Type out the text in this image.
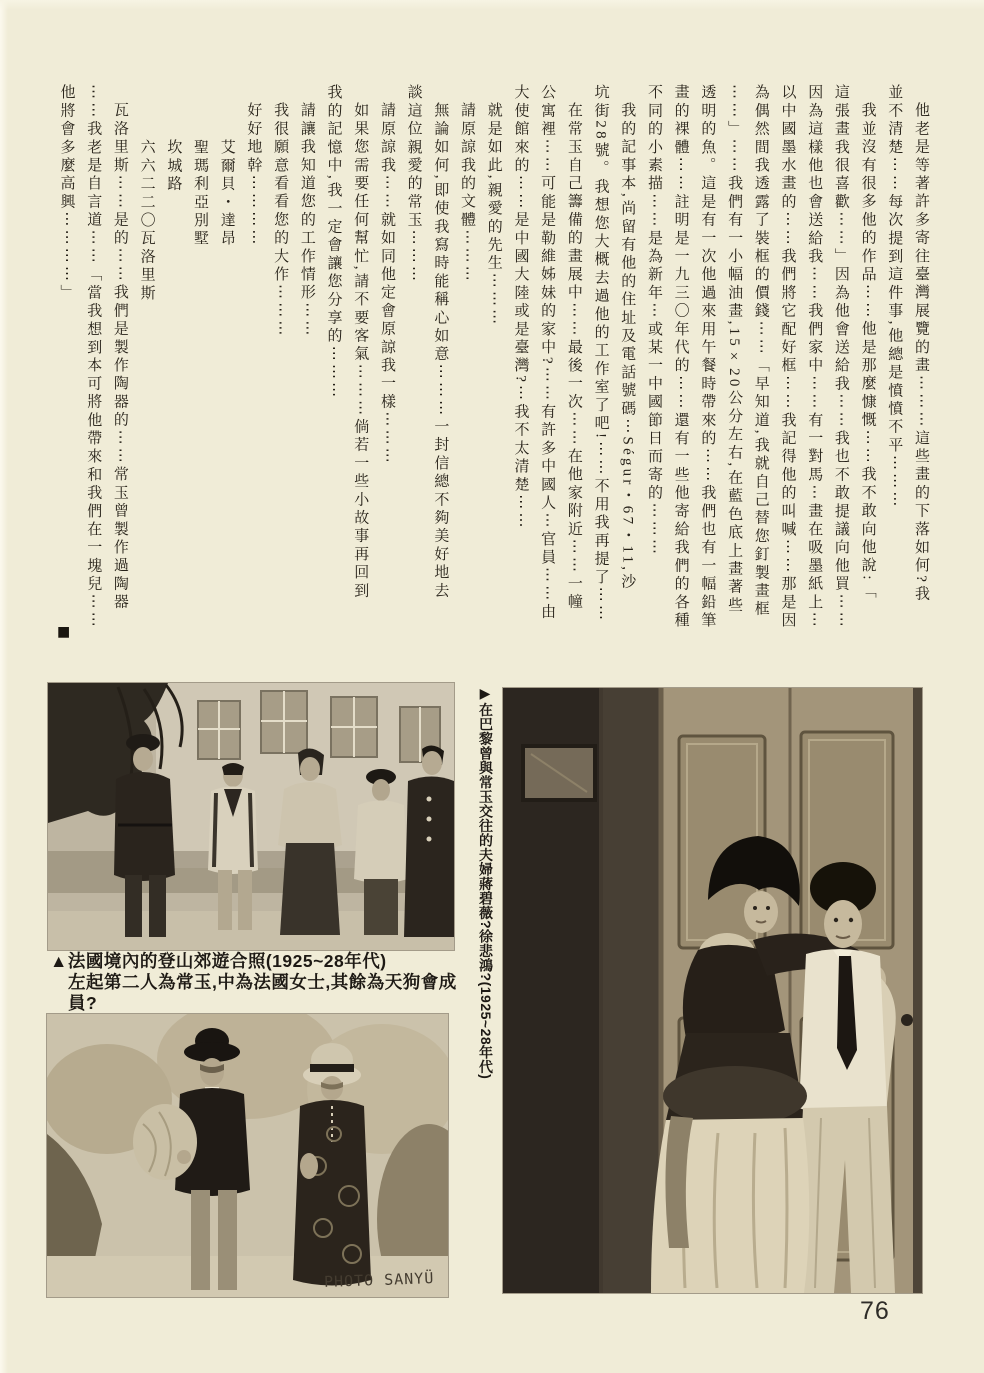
他老是等著許多寄往臺灣展覽的畫⋯⋯⋯這些畫的下落如何?我
並不清楚⋯⋯每次提到這件事,他總是憤憤不平⋯⋯⋯
我並沒有很多他的作品⋯⋯他是那麼慷慨⋯⋯我不敢向他說:「
這張畫我很喜歡⋯⋯」因為他會送給我⋯⋯我也不敢提議向他買⋯⋯
因為這樣他也會送給我⋯⋯我們家中⋯⋯有一對馬⋯畫在吸墨紙上⋯
以中國墨水畫的⋯⋯我們將它配好框⋯⋯我記得他的叫喊⋯⋯那是因
為偶然間我透露了裝框的價錢⋯⋯「早知道,我就自己替您釘製畫框
⋯⋯」⋯⋯我們有一小幅油畫,15×20公分左右,在藍色底上畫著些
透明的魚。這是有一次他過來用午餐時帶來的⋯⋯我們也有一幅鉛筆
畫的裸體⋯⋯註明是一九三〇年代的⋯⋯還有一些他寄給我們的各種
不同的小素描⋯⋯是為新年⋯或某一中國節日而寄的⋯⋯⋯
我的記事本,尚留有他的住址及電話號碼⋯Ségur・67・11,沙
坑街28號。我想您大概去過他的工作室了吧!⋯⋯不用我再提了⋯⋯
在常玉自己籌備的畫展中⋯⋯最後一次⋯⋯在他家附近⋯⋯一幢
公寓裡⋯⋯可能是勒維姊妹的家中?⋯⋯有許多中國人⋯官員⋯⋯由
大使館來的⋯⋯是中國大陸或是臺灣?⋯我不太清楚⋯⋯
就是如此,親愛的先生⋯⋯⋯
請原諒我的文體⋯⋯⋯
無論如何,即使我寫時能稱心如意⋯⋯⋯一封信總不夠美好地去
談這位親愛的常玉⋯⋯⋯
請原諒我⋯⋯就如同他定會原諒我一樣⋯⋯⋯
如果您需要任何幫忙,請不要客氣⋯⋯⋯倘若一些小故事再回到
我的記憶中,我一定會讓您分享的⋯⋯⋯
請讓我知道您的工作情形⋯⋯
我很願意看看您的大作⋯⋯⋯
好好地幹⋯⋯⋯⋯
艾爾貝・達昂
聖瑪利亞別墅
坎城路
六六二二〇瓦洛里斯
瓦洛里斯⋯⋯是的⋯⋯我們是製作陶器的⋯⋯常玉曾製作過陶器
⋯⋯我老是自言道⋯⋯「當我想到本可將他帶來和我們在一塊兒⋯⋯
他將會多麼高興⋯⋯⋯⋯」
■
▲法國境內的登山郊遊合照(1925~28年代)
左起第二人為常玉,中為法國女士,其餘為天狗會成員?
PHOTO SANYÜ
▶在巴黎曾與常玉交往的夫婦蔣碧薇?徐悲鴻?(1925~28年代)
76
